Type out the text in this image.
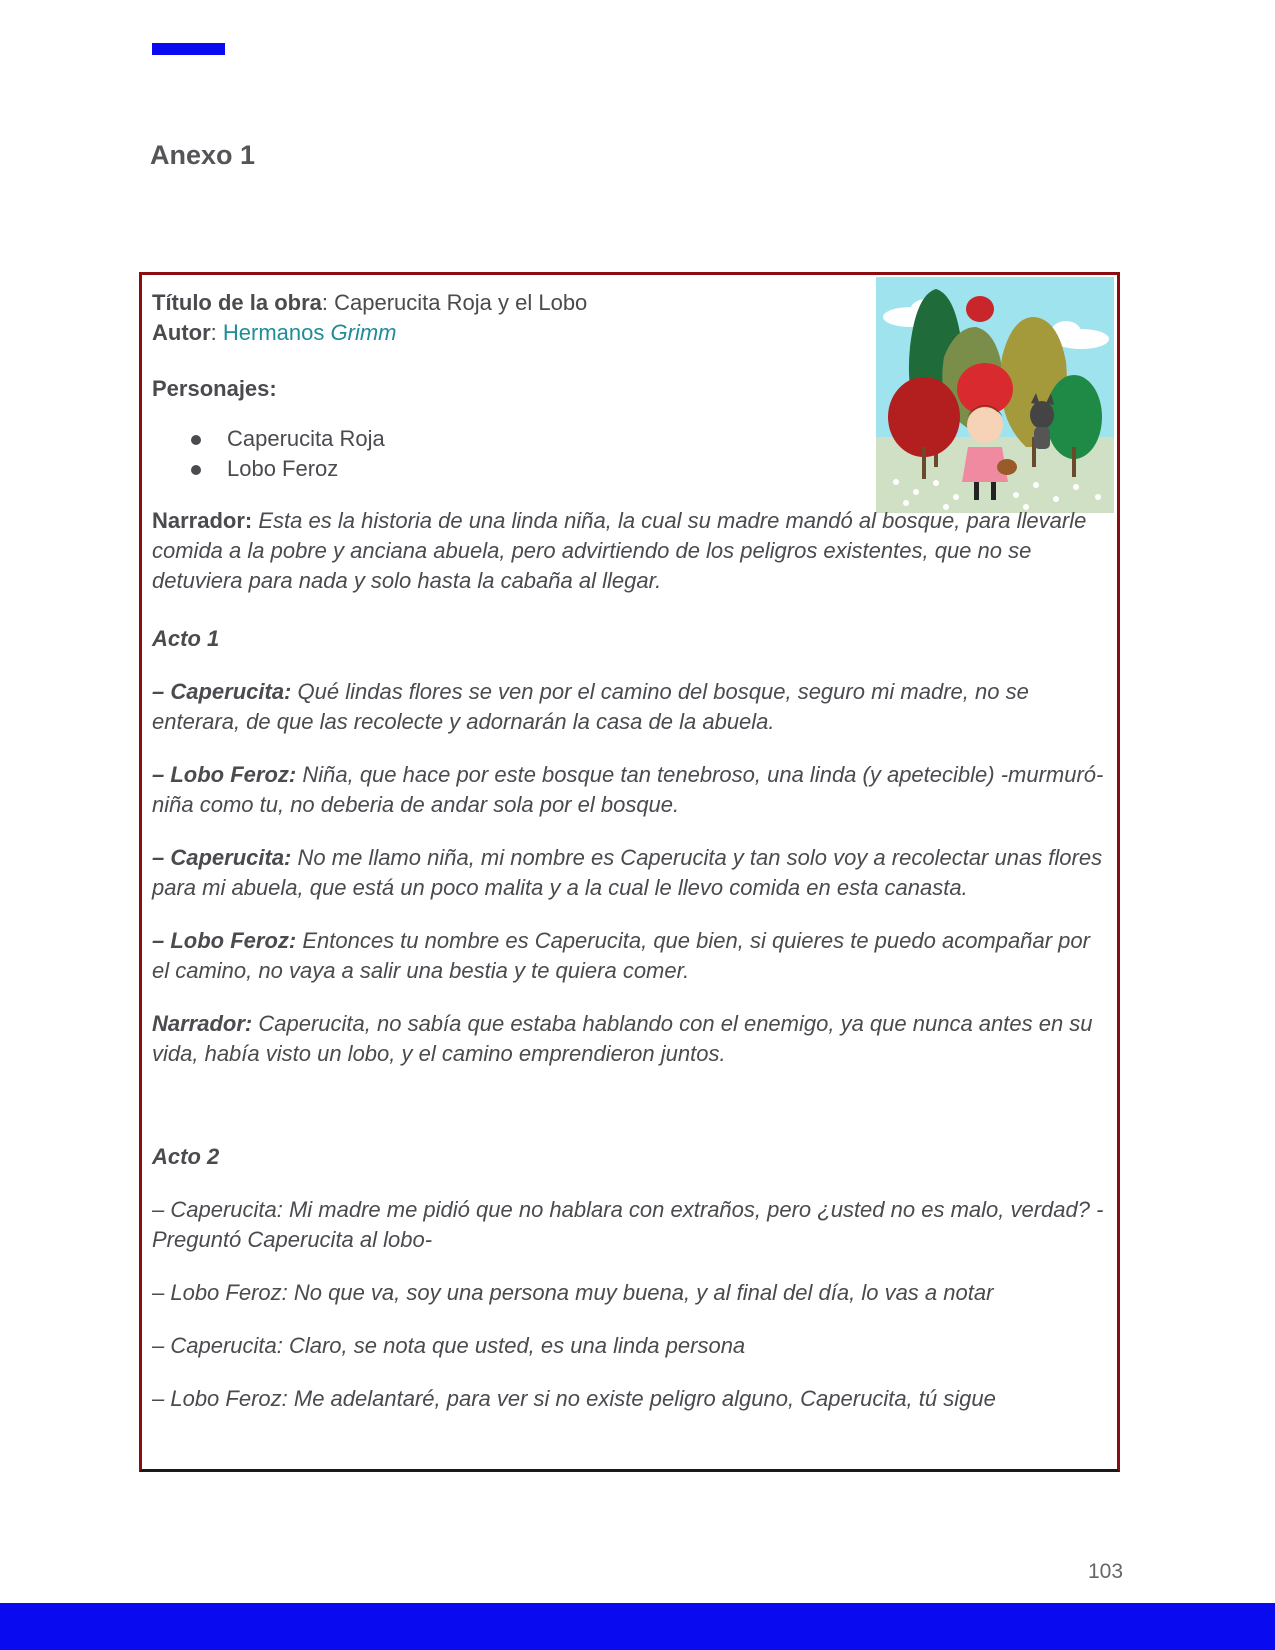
Anexo 1
Título de la obra: Caperucita Roja y el Lobo
Autor: Hermanos Grimm

Personajes:

Caperucita Roja
Lobo Feroz

Narrador: Esta es la historia de una linda niña, la cual su madre mandó al bosque, para llevarle comida a la pobre y anciana abuela, pero advirtiendo de los peligros existentes, que no se detuviera para nada y solo hasta la cabaña al llegar.

Acto 1

– Caperucita: Qué lindas flores se ven por el camino del bosque, seguro mi madre, no se enterara, de que las recolecte y adornarán la casa de la abuela.

– Lobo Feroz: Niña, que hace por este bosque tan tenebroso, una linda (y apetecible) -murmuró- niña como tu, no deberia de andar sola por el bosque.

– Caperucita: No me llamo niña, mi nombre es Caperucita y tan solo voy a recolectar unas flores para mi abuela, que está un poco malita y a la cual le llevo comida en esta canasta.

– Lobo Feroz: Entonces tu nombre es Caperucita, que bien, si quieres te puedo acompañar por el camino, no vaya a salir una bestia y te quiera comer.

Narrador: Caperucita, no sabía que estaba hablando con el enemigo, ya que nunca antes en su vida, había visto un lobo, y el camino emprendieron juntos.

Acto 2

– Caperucita: Mi madre me pidió que no hablara con extraños, pero ¿usted no es malo, verdad? -Preguntó Caperucita al lobo-

– Lobo Feroz: No que va, soy una persona muy buena, y al final del día, lo vas a notar

– Caperucita: Claro, se nota que usted, es una linda persona

– Lobo Feroz: Me adelantaré, para ver si no existe peligro alguno, Caperucita, tú sigue

103
